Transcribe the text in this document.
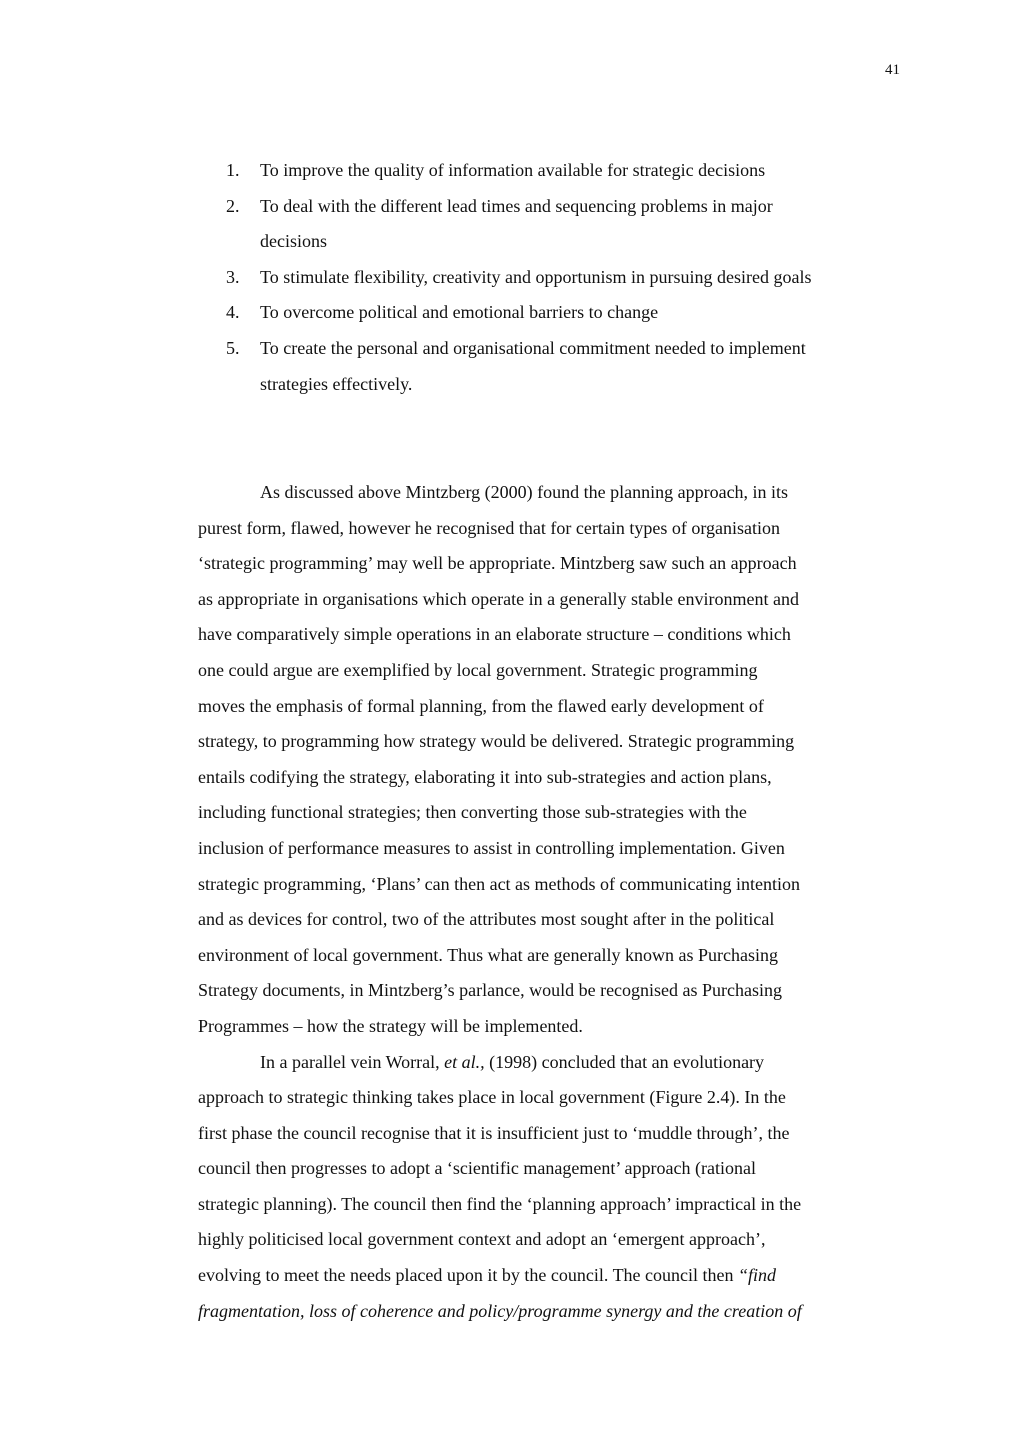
41
1. To improve the quality of information available for strategic decisions
2. To deal with the different lead times and sequencing problems in major
decisions
3. To stimulate flexibility, creativity and opportunism in pursuing desired goals
4. To overcome political and emotional barriers to change
5. To create the personal and organisational commitment needed to implement
strategies effectively.

As discussed above Mintzberg (2000) found the planning approach, in its
purest form, flawed, however he recognised that for certain types of organisation
‘strategic programming’ may well be appropriate. Mintzberg saw such an approach
as appropriate in organisations which operate in a generally stable environment and
have comparatively simple operations in an elaborate structure – conditions which
one could argue are exemplified by local government. Strategic programming
moves the emphasis of formal planning, from the flawed early development of
strategy, to programming how strategy would be delivered. Strategic programming
entails codifying the strategy, elaborating it into sub-strategies and action plans,
including functional strategies; then converting those sub-strategies with the
inclusion of performance measures to assist in controlling implementation. Given
strategic programming, ‘Plans’ can then act as methods of communicating intention
and as devices for control, two of the attributes most sought after in the political
environment of local government. Thus what are generally known as Purchasing
Strategy documents, in Mintzberg’s parlance, would be recognised as Purchasing
Programmes – how the strategy will be implemented.

In a parallel vein Worral, et al., (1998) concluded that an evolutionary
approach to strategic thinking takes place in local government (Figure 2.4). In the
first phase the council recognise that it is insufficient just to ‘muddle through’, the
council then progresses to adopt a ‘scientific management’ approach (rational
strategic planning). The council then find the ‘planning approach’ impractical in the
highly politicised local government context and adopt an ‘emergent approach’,
evolving to meet the needs placed upon it by the council. The council then “find
fragmentation, loss of coherence and policy/programme synergy and the creation of
